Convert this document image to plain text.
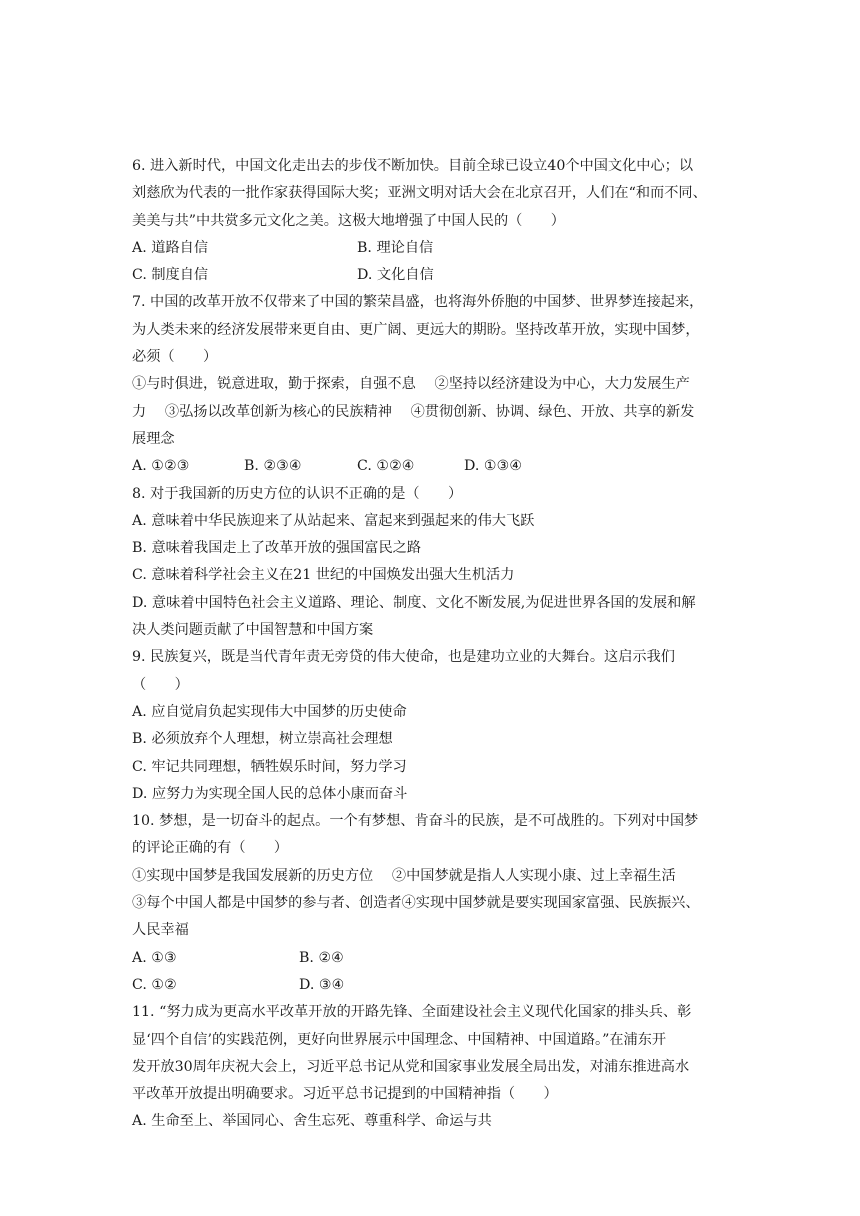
6. 进入新时代，中国文化走出去的步伐不断加快。目前全球已设立40个中国文化中心；以
刘慈欣为代表的一批作家获得国际大奖；亚洲文明对话大会在北京召开，人们在“和而不同、
美美与共”中共赏多元文化之美。这极大地增强了中国人民的（　　）
A. 道路自信	B. 理论自信
C. 制度自信	D. 文化自信
7. 中国的改革开放不仅带来了中国的繁荣昌盛，也将海外侨胞的中国梦、世界梦连接起来，
为人类未来的经济发展带来更自由、更广阔、更远大的期盼。坚持改革开放，实现中国梦，
必须（　　）
①与时俱进，锐意进取，勤于探索，自强不息　 ②坚持以经济建设为中心，大力发展生产
力　 ③弘扬以改革创新为核心的民族精神　 ④贯彻创新、协调、绿色、开放、共享的新发
展理念
A. ①②③	B. ②③④	C. ①②④	D. ①③④
8. 对于我国新的历史方位的认识不正确的是（　　）
A. 意味着中华民族迎来了从站起来、富起来到强起来的伟大飞跃
B. 意味着我国走上了改革开放的强国富民之路
C. 意味着科学社会主义在21 世纪的中国焕发出强大生机活力
D. 意味着中国特色社会主义道路、理论、制度、文化不断发展,为促进世界各国的发展和解
决人类问题贡献了中国智慧和中国方案
9. 民族复兴，既是当代青年责无旁贷的伟大使命，也是建功立业的大舞台。这启示我们
（　　）
A. 应自觉肩负起实现伟大中国梦的历史使命
B. 必须放弃个人理想，树立崇高社会理想
C. 牢记共同理想，牺牲娱乐时间，努力学习
D. 应努力为实现全国人民的总体小康而奋斗
10. 梦想，是一切奋斗的起点。一个有梦想、肯奋斗的民族，是不可战胜的。下列对中国梦
的评论正确的有（　　）
①实现中国梦是我国发展新的历史方位　 ②中国梦就是指人人实现小康、过上幸福生活
③每个中国人都是中国梦的参与者、创造者④实现中国梦就是要实现国家富强、民族振兴、
人民幸福
A. ①③	B. ②④
C. ①②	D. ③④
11. “努力成为更高水平改革开放的开路先锋、全面建设社会主义现代化国家的排头兵、彰
显‘四个自信’的实践范例，更好向世界展示中国理念、中国精神、中国道路。”在浦东开
发开放30周年庆祝大会上，习近平总书记从党和国家事业发展全局出发，对浦东推进高水
平改革开放提出明确要求。习近平总书记提到的中国精神指（　　）
A. 生命至上、举国同心、舍生忘死、尊重科学、命运与共
